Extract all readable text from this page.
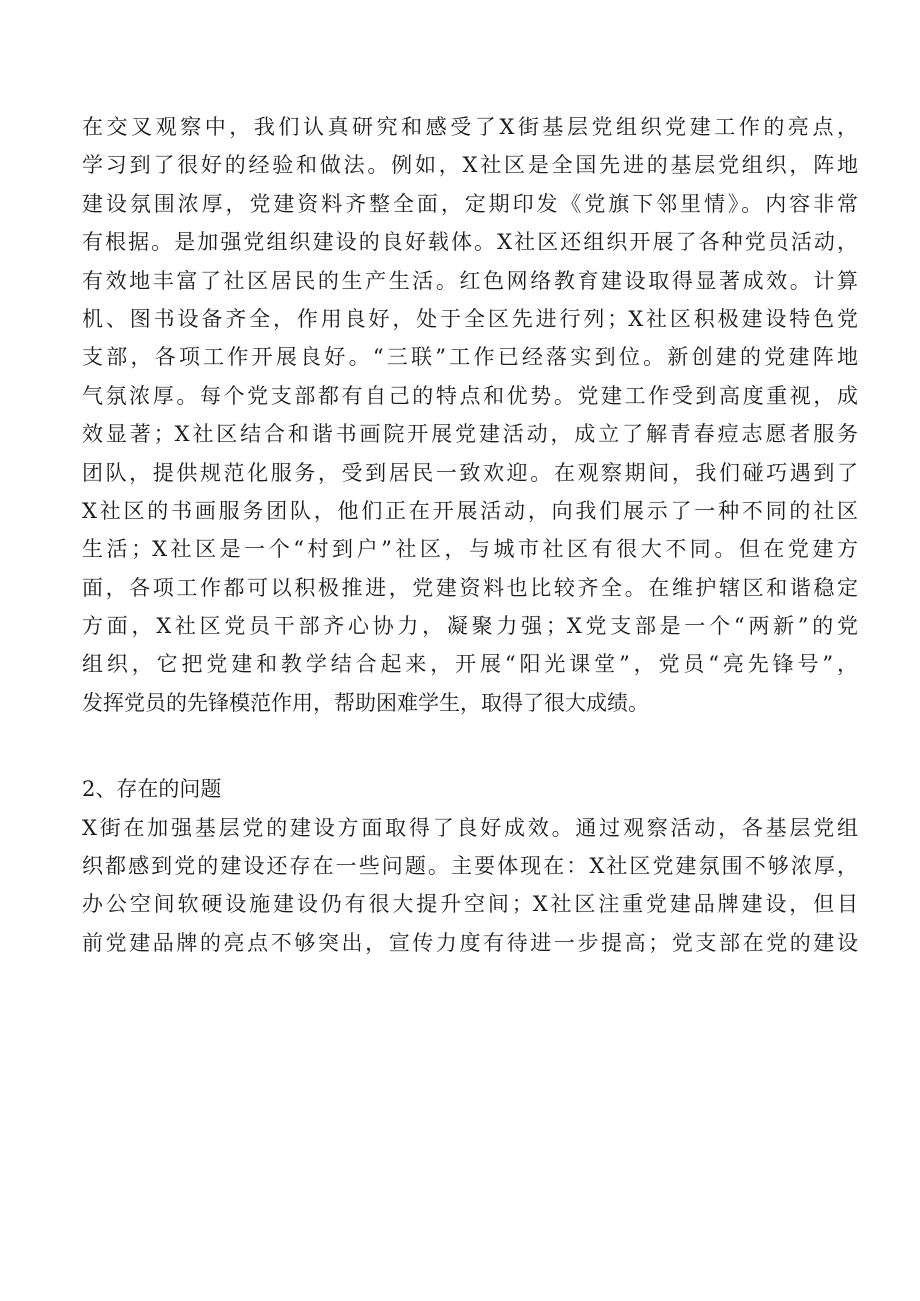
在交叉观察中，我们认真研究和感受了X街基层党组织党建工作的亮点，
学习到了很好的经验和做法。例如，X社区是全国先进的基层党组织，阵地
建设氛围浓厚，党建资料齐整全面，定期印发《党旗下邻里情》。内容非常
有根据。是加强党组织建设的良好载体。X社区还组织开展了各种党员活动，
有效地丰富了社区居民的生产生活。红色网络教育建设取得显著成效。计算
机、图书设备齐全，作用良好，处于全区先进行列；X社区积极建设特色党
支部，各项工作开展良好。“三联”工作已经落实到位。新创建的党建阵地
气氛浓厚。每个党支部都有自己的特点和优势。党建工作受到高度重视，成
效显著；X社区结合和谐书画院开展党建活动，成立了解青春痘志愿者服务
团队，提供规范化服务，受到居民一致欢迎。在观察期间，我们碰巧遇到了
X社区的书画服务团队，他们正在开展活动，向我们展示了一种不同的社区
生活；X社区是一个“村到户”社区，与城市社区有很大不同。但在党建方
面，各项工作都可以积极推进，党建资料也比较齐全。在维护辖区和谐稳定
方面，X社区党员干部齐心协力，凝聚力强；X党支部是一个“两新”的党
组织，它把党建和教学结合起来，开展“阳光课堂”，党员“亮先锋号”，
发挥党员的先锋模范作用，帮助困难学生，取得了很大成绩。
2、存在的问题
X街在加强基层党的建设方面取得了良好成效。通过观察活动，各基层党组
织都感到党的建设还存在一些问题。主要体现在：X社区党建氛围不够浓厚，
办公空间软硬设施建设仍有很大提升空间；X社区注重党建品牌建设，但目
前党建品牌的亮点不够突出，宣传力度有待进一步提高；党支部在党的建设
